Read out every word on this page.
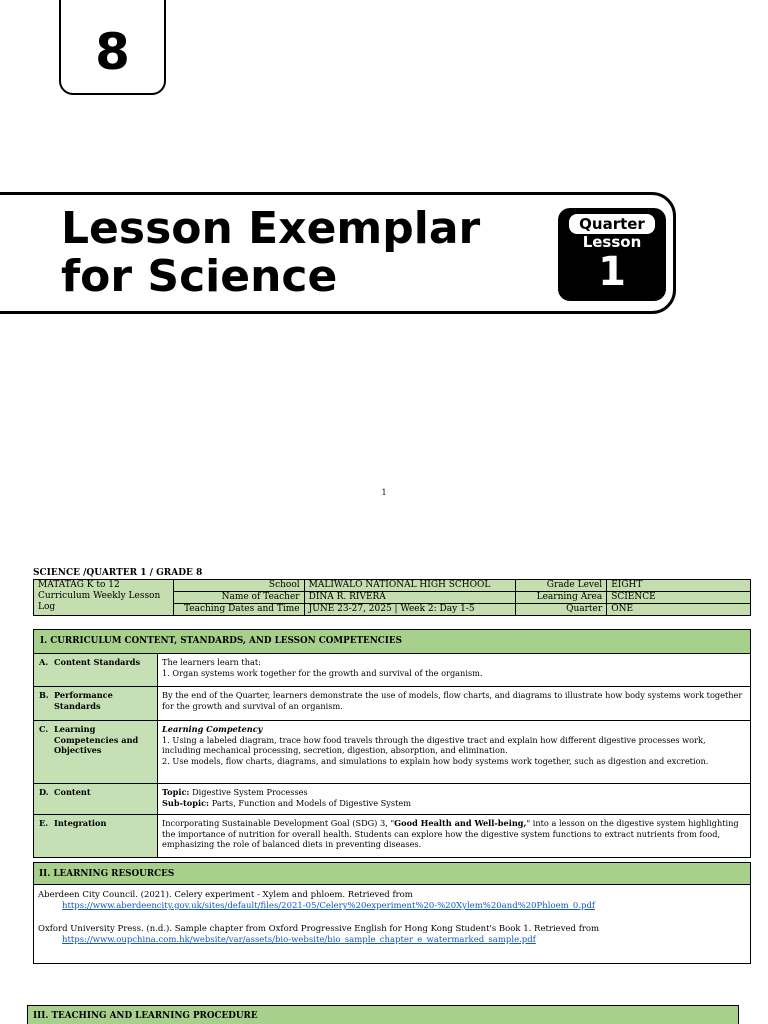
8
Lesson Exemplar
for Science
Quarter
Lesson
1
1
SCIENCE /QUARTER 1 / GRADE 8
MATATAG K to 12
Curriculum Weekly Lesson
Log	School	MALIWALO NATIONAL HIGH SCHOOL	Grade Level	EIGHT
	Name of Teacher	DINA R. RIVERA	Learning Area	SCIENCE
	Teaching Dates and Time	JUNE 23-27, 2025 | Week 2: Day 1-5	Quarter	ONE
I. CURRICULUM CONTENT, STANDARDS, AND LESSON COMPETENCIES	
A. Content Standards	The learners learn that:
1. Organ systems work together for the growth and survival of the organism.

B. Performance Standards	By the end of the Quarter, learners demonstrate the use of models, flow charts, and diagrams to illustrate how body systems work together for the growth and survival of an organism.
C. Learning Competencies and Objectives	Learning Competency
1. Using a labeled diagram, trace how food travels through the digestive tract and explain how different digestive processes work, including mechanical processing, secretion, digestion, absorption, and elimination.
2. Use models, flow charts, diagrams, and simulations to explain how body systems work together, such as digestion and excretion.

D. Content	Topic: Digestive System Processes
Sub-topic: Parts, Function and Models of Digestive System

E. Integration	Incorporating Sustainable Development Goal (SDG) 3, "Good Health and Well-being," into a lesson on the digestive system highlighting the importance of nutrition for overall health. Students can explore how the digestive system functions to extract nutrients from food, emphasizing the role of balanced diets in preventing diseases.
II. LEARNING RESOURCES
Aberdeen City Council. (2021). Celery experiment - Xylem and phloem. Retrieved from
https://www.aberdeencity.gov.uk/sites/default/files/2021-05/Celery%20experiment%20-%20Xylem%20and%20Phloem_0.pdf
Oxford University Press. (n.d.). Sample chapter from Oxford Progressive English for Hong Kong Student's Book 1. Retrieved from
https://www.oupchina.com.hk/website/var/assets/bio-website/bio_sample_chapter_e_watermarked_sample.pdf
III. TEACHING AND LEARNING PROCEDURE
